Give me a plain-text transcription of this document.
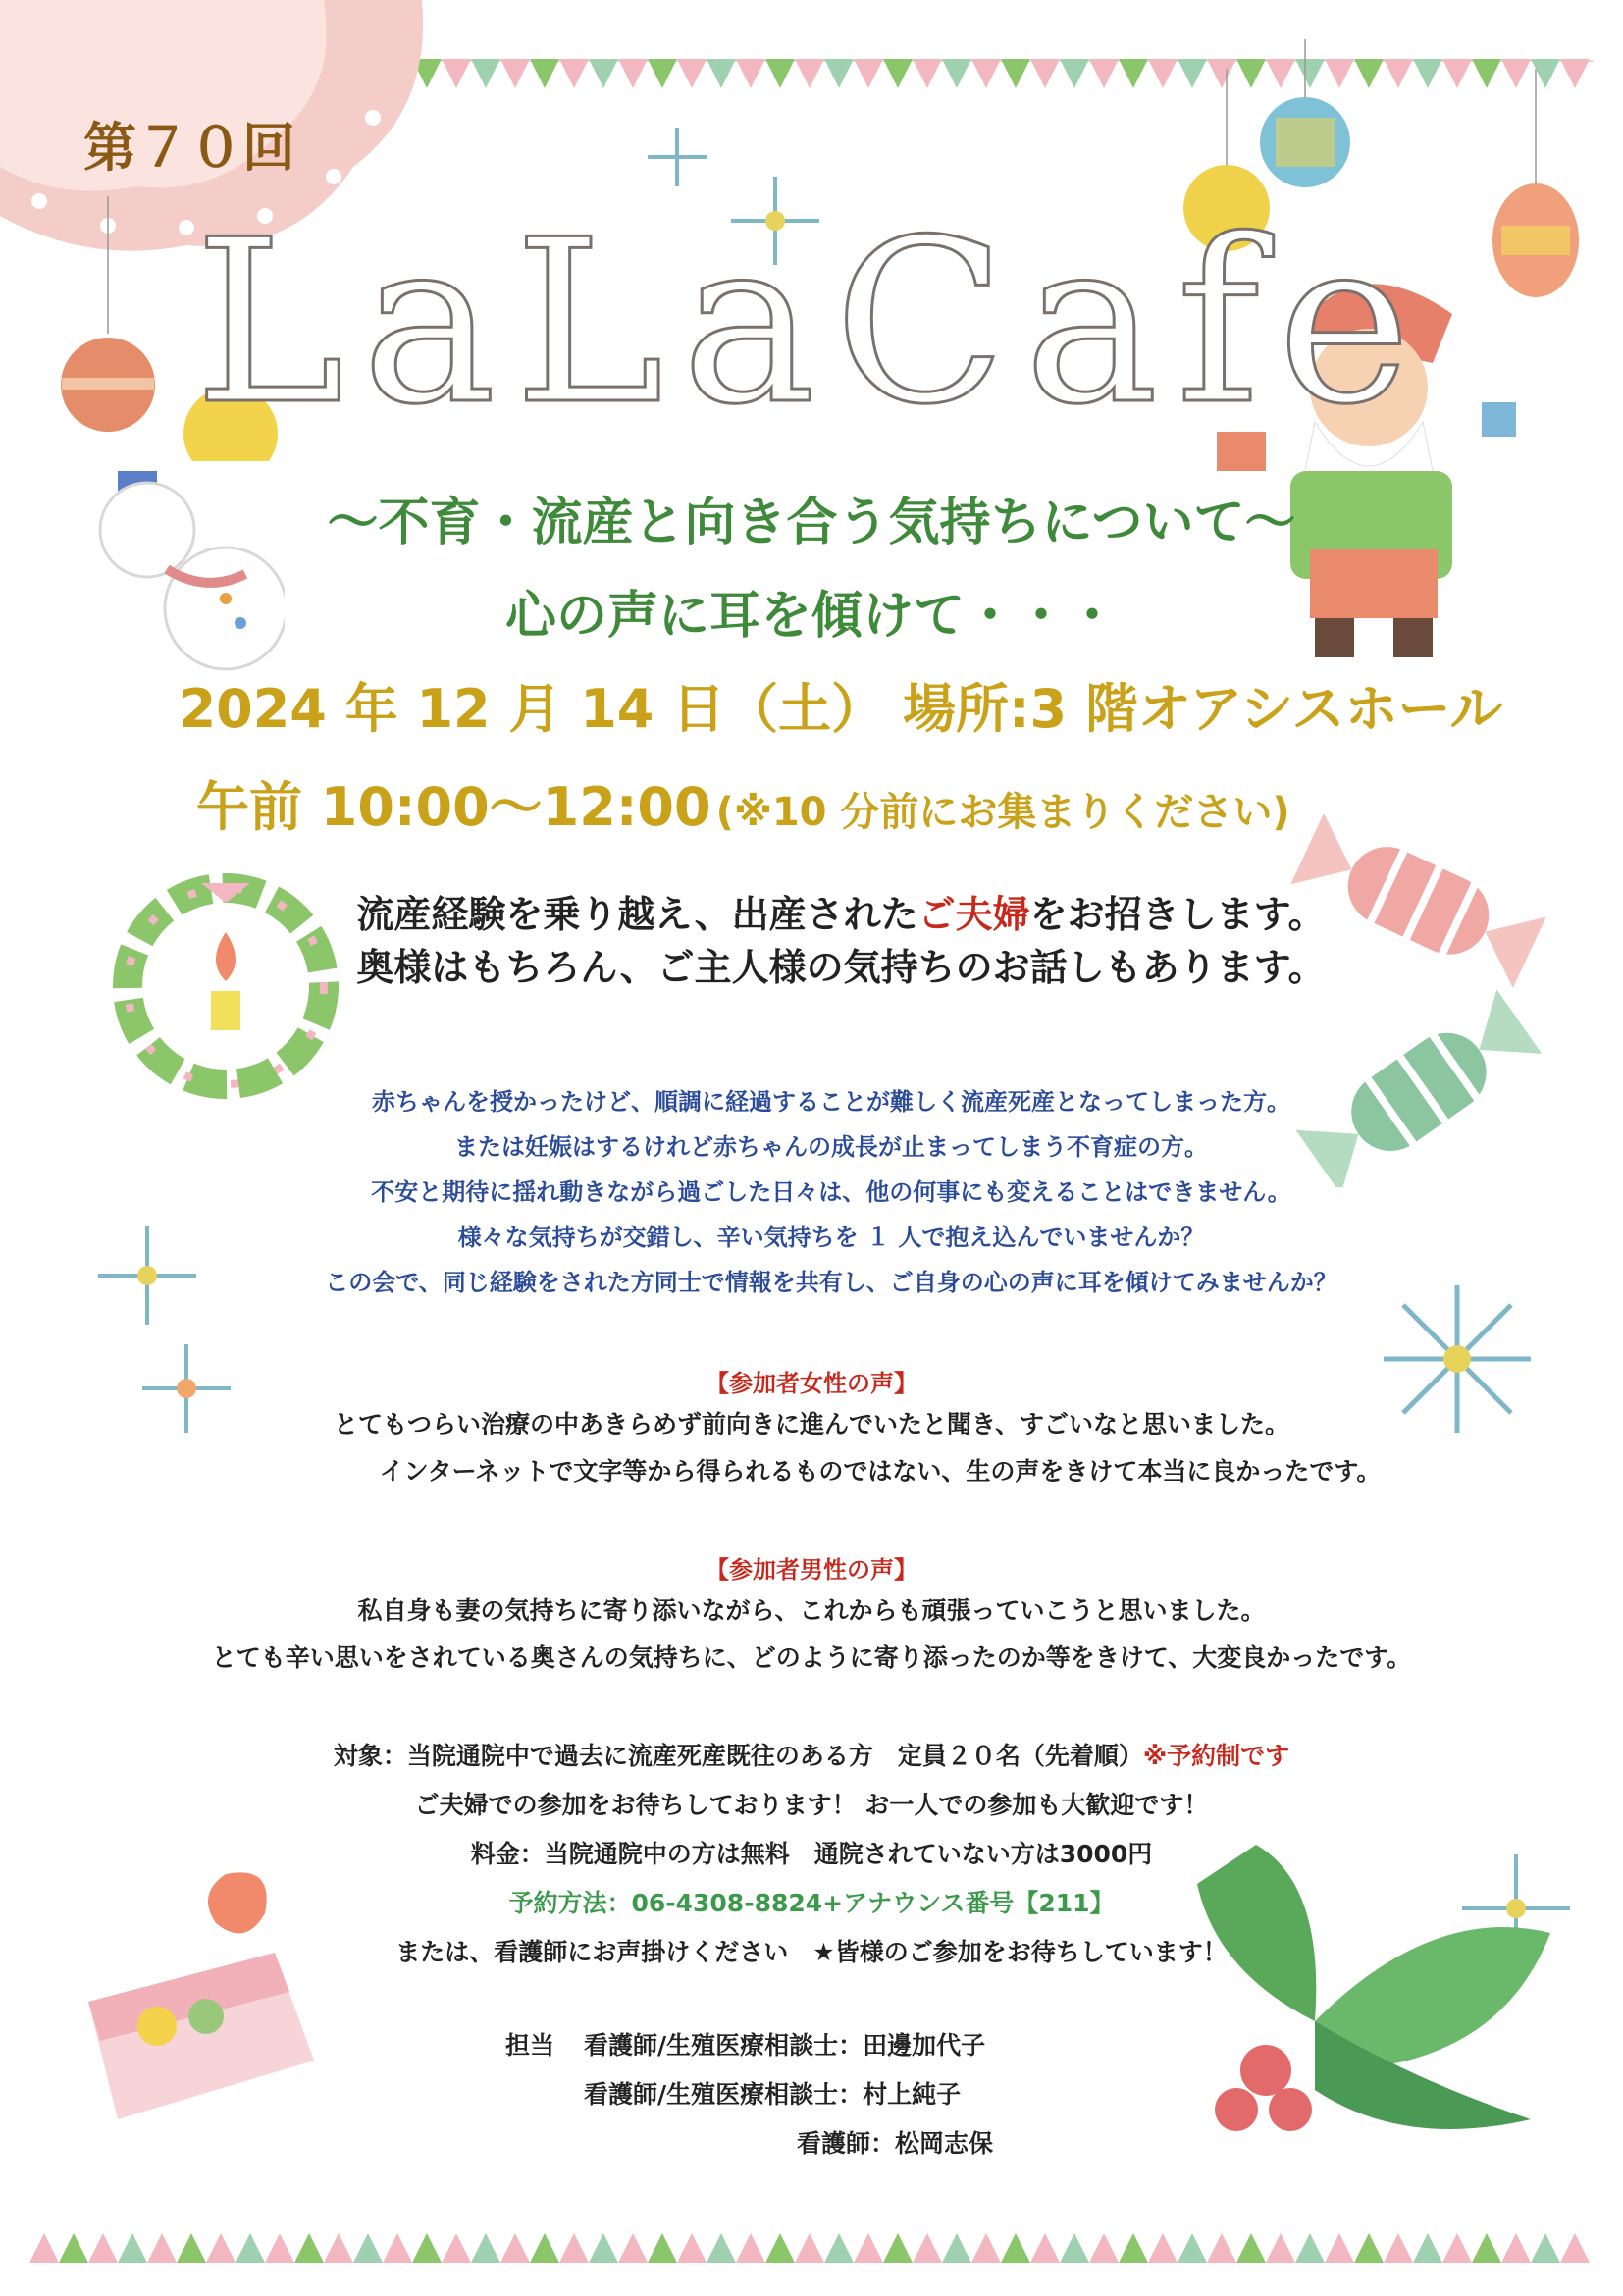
第７０回
LaLaCafe
～不育・流産と向き合う気持ちについて～
心の声に耳を傾けて・・・
2024 年 12 月 14 日（土） 場所:3 階オアシスホール
午前 10:00～12:00 (※10 分前にお集まりください)
流産経験を乗り越え、出産されたご夫婦をお招きします。
奥様はもちろん、ご主人様の気持ちのお話しもあります。
赤ちゃんを授かったけど、順調に経過することが難しく流産死産となってしまった方。
または妊娠はするけれど赤ちゃんの成長が止まってしまう不育症の方。
不安と期待に揺れ動きながら過ごした日々は、他の何事にも変えることはできません。
様々な気持ちが交錯し、辛い気持ちを １ 人で抱え込んでいませんか？
この会で、同じ経験をされた方同士で情報を共有し、ご自身の心の声に耳を傾けてみませんか？
【参加者女性の声】
とてもつらい治療の中あきらめず前向きに進んでいたと聞き、すごいなと思いました。
インターネットで文字等から得られるものではない、生の声をきけて本当に良かったです。
【参加者男性の声】
私自身も妻の気持ちに寄り添いながら、これからも頑張っていこうと思いました。
とても辛い思いをされている奥さんの気持ちに、どのように寄り添ったのか等をきけて、大変良かったです。
対象：当院通院中で過去に流産死産既往のある方　定員２０名（先着順）※予約制です
ご夫婦での参加をお待ちしております！ お一人での参加も大歓迎です！
料金：当院通院中の方は無料　通院されていない方は3000円
予約方法：06-4308-8824+アナウンス番号【211】
または、看護師にお声掛けください　★皆様のご参加をお待ちしています！
担当 看護師/生殖医療相談士：田邊加代子
看護師/生殖医療相談士：村上純子
看護師：松岡志保
